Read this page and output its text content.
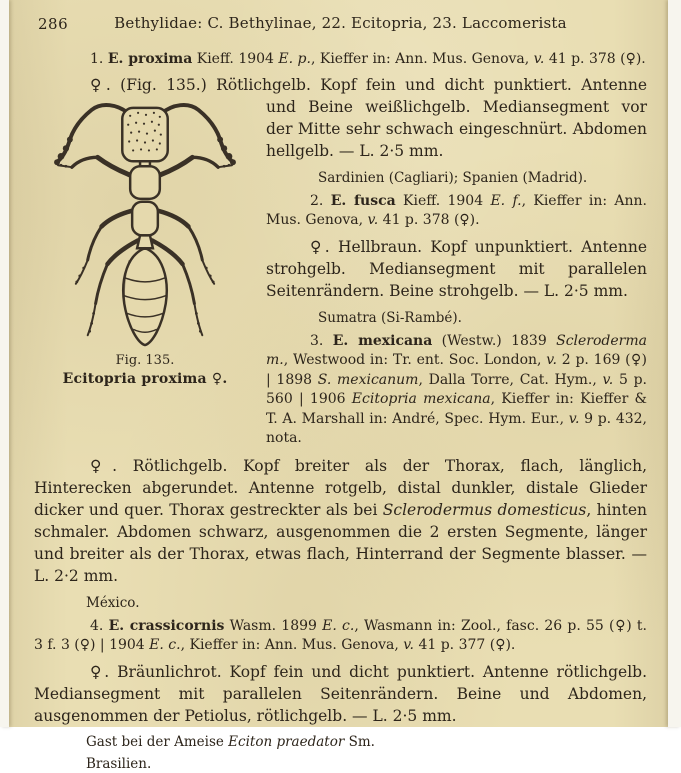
286	Bethylidae: C. Bethylinae, 22. Ecitopria, 23. Laccomerista

1. E. proxima Kieff. 1904 E. p., Kieffer in: Ann. Mus. Genova, v. 41 p. 378 (♀).

♀. (Fig. 135.) Rötlichgelb. Kopf fein und dicht punktiert. Antenne

Fig. 135.
Ecitopria proxima ♀.

und Beine weißlichgelb. Mediansegment vor der Mitte sehr schwach eingeschnürt. Abdomen hellgelb. — L. 2·5 mm.

Sardinien (Cagliari); Spanien (Madrid).

2. E. fusca Kieff. 1904 E. f., Kieffer in: Ann. Mus. Genova, v. 41 p. 378 (♀).

♀. Hellbraun. Kopf unpunktiert. Antenne strohgelb. Mediansegment mit parallelen Seitenrändern. Beine strohgelb. — L. 2·5 mm.

Sumatra (Si-Rambé).

3. E. mexicana (Westw.) 1839 Scleroderma m., Westwood in: Tr. ent. Soc. London, v. 2 p. 169 (♀) | 1898 S. mexicanum, Dalla Torre, Cat. Hym., v. 5 p. 560 | 1906 Ecitopria mexicana, Kieffer in: Kieffer & T. A. Marshall in: André, Spec. Hym. Eur., v. 9 p. 432, nota.

♀. Rötlichgelb. Kopf breiter als der Thorax, flach, länglich, Hinterecken abgerundet. Antenne rotgelb, distal dunkler, distale Glieder dicker und quer. Thorax gestreckter als bei Sclerodermus domesticus, hinten schmaler. Abdomen schwarz, ausgenommen die 2 ersten Segmente, länger und breiter als der Thorax, etwas flach, Hinterrand der Segmente blasser. — L. 2·2 mm.

México.

4. E. crassicornis Wasm. 1899 E. c., Wasmann in: Zool., fasc. 26 p. 55 (♀) t. 3 f. 3 (♀) | 1904 E. c., Kieffer in: Ann. Mus. Genova, v. 41 p. 377 (♀).

♀. Bräunlichrot. Kopf fein und dicht punktiert. Antenne rötlichgelb. Mediansegment mit parallelen Seitenrändern. Beine und Abdomen, ausgenommen der Petiolus, rötlichgelb. — L. 2·5 mm.

Gast bei der Ameise Eciton praedator Sm.

Brasilien.
